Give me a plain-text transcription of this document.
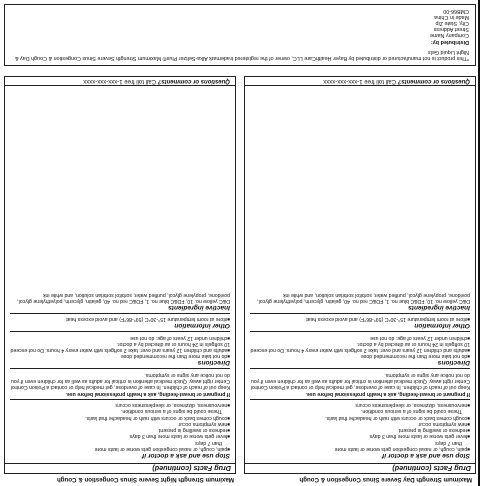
Maximum Strength Day Severe Sinus Congestion & Cough
Maximum Strength Night Severe Sinus Congestion & Cough
Drug Facts (continued)
Stop use and ask a doctor if
■ pain, cough, or nasal congestion gets worse or lasts more
than 7 days
■ fever gets worse or lasts more than 3 days
■ redness or swelling is present
■ new symptoms occur
■ cough comes back or occurs with rash or headache that lasts.
These could be signs of a serious condition.
■ nervousness, dizziness, or sleeplessness occurs
If pregnant or breast-feeding, ask a health professional before use.
Keep out of reach of children. In case of overdose, get medical help or contact a Poison Control Center right away. Quick medical attention is critical for adults as well as for children even if you do not notice any signs or symptoms.
Directions
■ do not take more than the recommended dose
■ adults and children 12 years and over: take 2 softgels with water every 4 hours. Do not exceed 10 softgels in 24 hours or as directed by a doctor.
■ children under 12 years of age: do not use
Other information
■ store at room temperature 15°-30°C (59°-86°F) and avoid excess heat
Inactive ingredients
D&C yellow no. 10, FD&C blue no. 1, FD&C red no. 40, gelatin, glycerin, polyethylene glycol, povidone, propylene glycol, purified water, sorbitol sorbitan solution, and white ink
Questions or comments? Call toll free 1-xxx-xxx-xxxx
Drug Facts (continued)
Stop use and ask a doctor if
■ pain, cough, or nasal congestion gets worse or lasts more
than 7 days
■ fever gets worse or lasts more than 3 days
■ redness or swelling is present
■ new symptoms occur
■ cough comes back or occurs with rash or headache that lasts.
These could be signs of a serious condition.
■ nervousness, dizziness, or sleeplessness occurs
If pregnant or breast-feeding, ask a health professional before use.
Keep out of reach of children. In case of overdose, get medical help or contact a Poison Control Center right away. Quick medical attention is critical for adults as well as for children even if you do not notice any signs or symptoms.
Directions
■ do not take more than the recommended dose
■ adults and children 12 years and over: take 2 softgels with water every 4 hours. Do not exceed 10 softgels in 24 hours or as directed by a doctor.
■ children under 12 years of age: do not use
Other information
■ store at room temperature 15°-30°C (59°-86°F) and avoid excess heat
Inactive ingredients
D&C yellow no. 10, FD&C blue no. 1, FD&C red no. 40, gelatin, glycerin, polyethylene glycol, povidone, propylene glycol, purified water, sorbitol sorbitan solution, and white ink
Questions or comments? Call toll free 1-xxx-xxx-xxxx
*This product is not manufactured or distributed by Bayer HealthCare LLC, owner of the registered trademark Alka-Seltzer Plus® Maximum Strength Severe Sinus Congestion & Cough Day & Night Liquid Gels
Distributed by:
Company Name
Street Address
City, State Zip
Made in China
CMB66-00
